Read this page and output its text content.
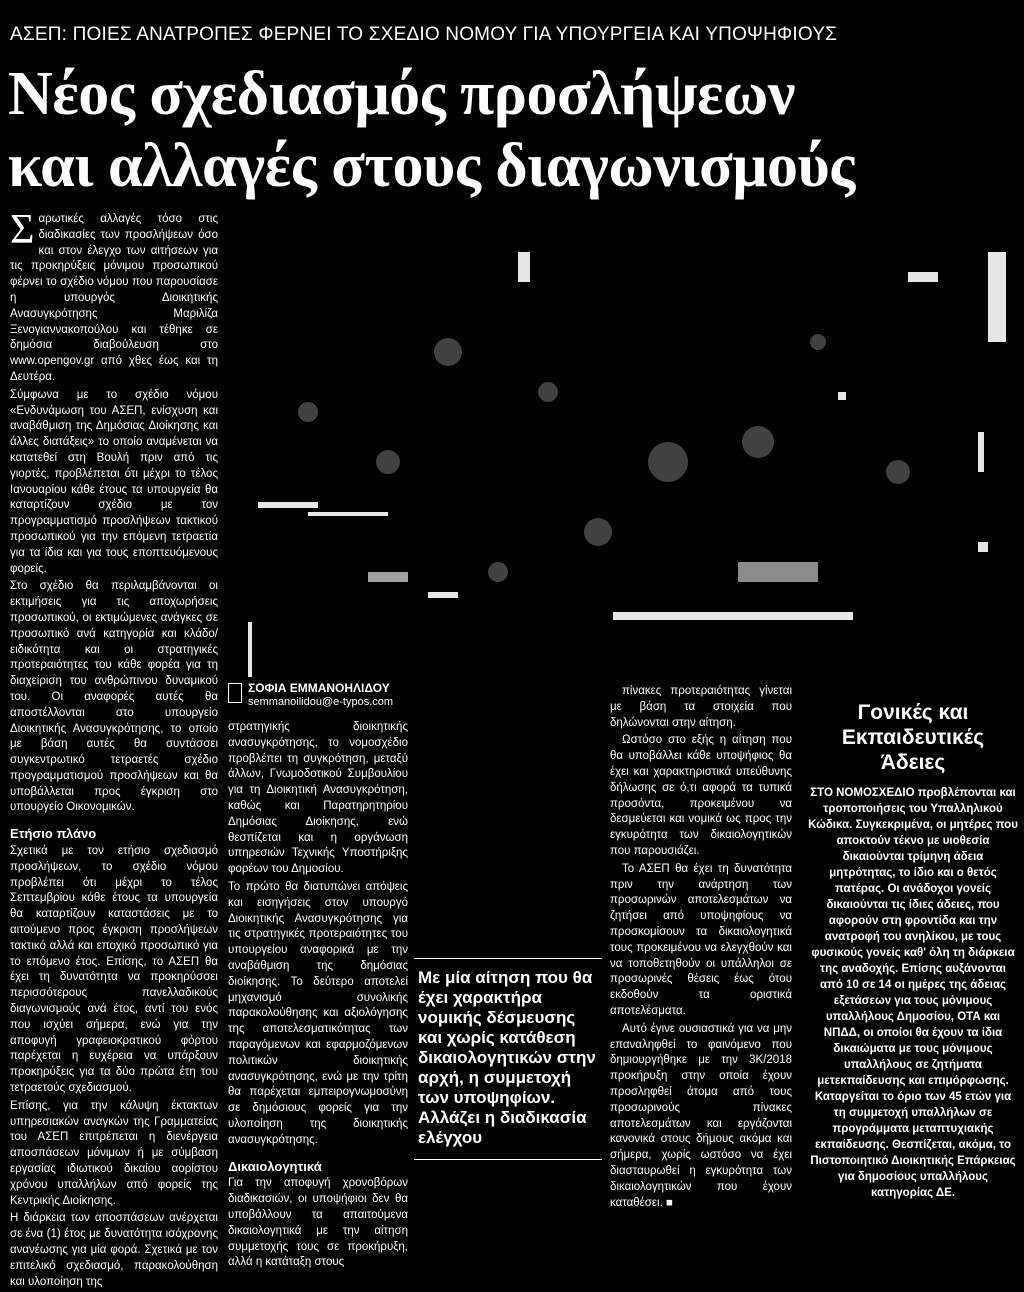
ΑΣΕΠ: ΠΟΙΕΣ ΑΝΑΤΡΟΠΕΣ ΦΕΡΝΕΙ ΤΟ ΣΧΕΔΙΟ ΝΟΜΟΥ ΓΙΑ ΥΠΟΥΡΓΕΙΑ ΚΑΙ ΥΠΟΨΗΦΙΟΥΣ
Νέος σχεδιασμός προσλήψεων
και αλλαγές στους διαγωνισμούς

Σαρωτικές αλλαγές τόσο στις διαδικασίες των προσλήψεων όσο και στον έλεγχο των αιτήσεων για τις προκηρύξεις μόνιμου προσωπικού φέρνει το σχέδιο νόμου που παρουσίασε η υπουργός Διοικητικής Ανασυγκρότησης Μαριλίζα Ξενογιαννακοπούλου και τέθηκε σε δημόσια διαβούλευση στο www.opengov.gr από χθες έως και τη Δευτέρα.

Σύμφωνα με το σχέδιο νόμου «Ενδυνάμωση του ΑΣΕΠ, ενίσχυση και αναβάθμιση της Δημόσιας Διοίκησης και άλλες διατάξεις» το οποίο αναμένεται να κατατεθεί στη Βουλή πριν από τις γιορτές, προβλέπεται ότι μέχρι το τέλος Ιανουαρίου κάθε έτους τα υπουργεία θα καταρτίζουν σχέδιο με τον προγραμματισμό προσλήψεων τακτικού προσωπικού για την επόμενη τετραετία για τα ίδια και για τους εποπτευόμενους φορείς.

Στο σχέδιο θα περιλαμβάνονται οι εκτιμήσεις για τις αποχωρήσεις προσωπικού, οι εκτιμώμενες ανάγκες σε προσωπικό ανά κατηγορία και κλάδο/ειδικότητα και οι στρατηγικές προτεραιότητες του κάθε φορέα για τη διαχείριση του ανθρώπινου δυναμικού του. Οι αναφορές αυτές θα αποστέλλονται στο υπουργείο Διοικητικής Ανασυγκρότησης, το οποίο με βάση αυτές θα συντάσσει συγκεντρωτικό τετραετές σχέδιο προγραμματισμού προσλήψεων και θα υποβάλλεται προς έγκριση στο υπουργείο Οικονομικών.

Ετήσιο πλάνο

Σχετικά με τον ετήσιο σχεδιασμό προσλήψεων, το σχέδιο νόμου προβλέπει ότι μέχρι το τέλος Σεπτεμβρίου κάθε έτους τα υπουργεία θα καταρτίζουν καταστάσεις με το αιτούμενο προς έγκριση προσλήψεων τακτικό αλλά και εποχικό προσωπικό για το επόμενο έτος. Επίσης, το ΑΣΕΠ θα έχει τη δυνατότητα να προκηρύσσει περισσότερους πανελλαδικούς διαγωνισμούς ανά έτος, αντί του ενός που ισχύει σήμερα, ενώ για την αποφυγή γραφειοκρατικού φόρτου παρέχεται η ευχέρεια να υπάρξουν προκηρύξεις για τα δύο πρώτα έτη του τετραετούς σχεδιασμού.

Επίσης, για την κάλυψη έκτακτων υπηρεσιακών αναγκών της Γραμματείας του ΑΣΕΠ επιτρέπεται η διενέργεια αποσπάσεων μόνιμων ή με σύμβαση εργασίας ιδιωτικού δικαίου αορίστου χρόνου υπαλλήλων από φορείς της Κεντρικής Διοίκησης.

Η διάρκεια των αποσπάσεων ανέρχεται σε ένα (1) έτος με δυνατότητα ισόχρονης ανανέωσης για μία φορά. Σχετικά με τον επιτελικό σχεδιασμό, παρακολούθηση και υλοποίηση της

ΣΟΦΙΑ ΕΜΜΑΝΟΗΛΙΔΟΥ
semmanoilidou@e-typos.com

στρατηγικής διοικητικής ανασυγκρότησης, το νομοσχέδιο προβλέπει τη συγκρότηση, μεταξύ άλλων, Γνωμοδοτικού Συμβουλίου για τη Διοικητική Ανασυγκρότηση, καθώς και Παρατηρητηρίου Δημόσιας Διοίκησης, ενώ θεσπίζεται και η οργάνωση υπηρεσιών Τεχνικής Υποστήριξης φορέων του Δημοσίου.

Το πρώτο θα διατυπώνει απόψεις και εισηγήσεις στον υπουργό Διοικητικής Ανασυγκρότησης για τις στρατηγικές προτεραιότητες του υπουργείου αναφορικά με την αναβάθμιση της δημόσιας διοίκησης. Το δεύτερο αποτελεί μηχανισμό συνολικής παρακολούθησης και αξιολόγησης της αποτελεσματικότητας των παραγόμενων και εφαρμοζόμενων πολιτικών διοικητικής ανασυγκρότησης, ενώ με την τρίτη θα παρέχεται εμπειρογνωμοσύνη σε δημόσιους φορείς για την υλοποίηση της διοικητικής ανασυγκρότησης.

Δικαιολογητικά

Για την αποφυγή χρονοβόρων διαδικασιών, οι υποψήφιοι δεν θα υποβάλλουν τα απαιτούμενα δικαιολογητικά με την αίτηση συμμετοχής τους σε προκήρυξη, αλλά η κατάταξη στους

Με μία αίτηση που θα έχει χαρακτήρα νομικής δέσμευσης και χωρίς κατάθεση δικαιολογητικών στην αρχή, η συμμετοχή των υποψηφίων. Αλλάζει η διαδικασία ελέγχου

πίνακες προτεραιότητας γίνεται με βάση τα στοιχεία που δηλώνονται στην αίτηση.

Ωστόσο στο εξής η αίτηση που θα υποβάλλει κάθε υποψήφιος θα έχει και χαρακτηριστικά υπεύθυνης δήλωσης σε ό,τι αφορά τα τυπικά προσόντα, προκειμένου να δεσμεύεται και νομικά ως προς την εγκυρότητα των δικαιολογητικών που παρουσιάζει.

Το ΑΣΕΠ θα έχει τη δυνατότητα πριν την ανάρτηση των προσωρινών αποτελεσμάτων να ζητήσει από υποψηφίους να προσκομίσουν τα δικαιολογητικά τους προκειμένου να ελεγχθούν και να τοποθετηθούν οι υπάλληλοι σε προσωρινές θέσεις έως ότου εκδοθούν τα οριστικά αποτελέσματα.

Αυτό έγινε ουσιαστικά για να μην επαναληφθεί το φαινόμενο που δημιουργήθηκε με την 3Κ/2018 προκήρυξη στην οποία έχουν προσληφθεί άτομα από τους προσωρινούς πίνακες αποτελεσμάτων και εργάζονται κανονικά στους δήμους ακόμα και σήμερα, χωρίς ωστόσο να έχει διασταυρωθεί η εγκυρότητα των δικαιολογητικών που έχουν καταθέσει. ■

Γονικές και Εκπαιδευτικές Άδειες

ΣΤΟ ΝΟΜΟΣΧΕΔΙΟ προβλέπονται και τροποποιήσεις του Υπαλληλικού Κώδικα. Συγκεκριμένα, οι μητέρες που αποκτούν τέκνο με υιοθεσία δικαιούνται τρίμηνη άδεια μητρότητας, το ίδιο και ο θετός πατέρας. Οι ανάδοχοι γονείς δικαιούνται τις ίδιες άδειες, που αφορούν στη φροντίδα και την ανατροφή του ανηλίκου, με τους φυσικούς γονείς καθ' όλη τη διάρκεια της αναδοχής. Επίσης αυξάνονται από 10 σε 14 οι ημέρες της άδειας εξετάσεων για τους μόνιμους υπαλλήλους Δημοσίου, ΟΤΑ και ΝΠΔΔ, οι οποίοι θα έχουν τα ίδια δικαιώματα με τους μόνιμους υπαλλήλους σε ζητήματα μετεκπαίδευσης και επιμόρφωσης. Καταργείται το όριο των 45 ετών για τη συμμετοχή υπαλλήλων σε προγράμματα μεταπτυχιακής εκπαίδευσης. Θεσπίζεται, ακόμα, το Πιστοποιητικό Διοικητικής Επάρκειας για δημοσίους υπαλλήλους κατηγορίας ΔΕ.
